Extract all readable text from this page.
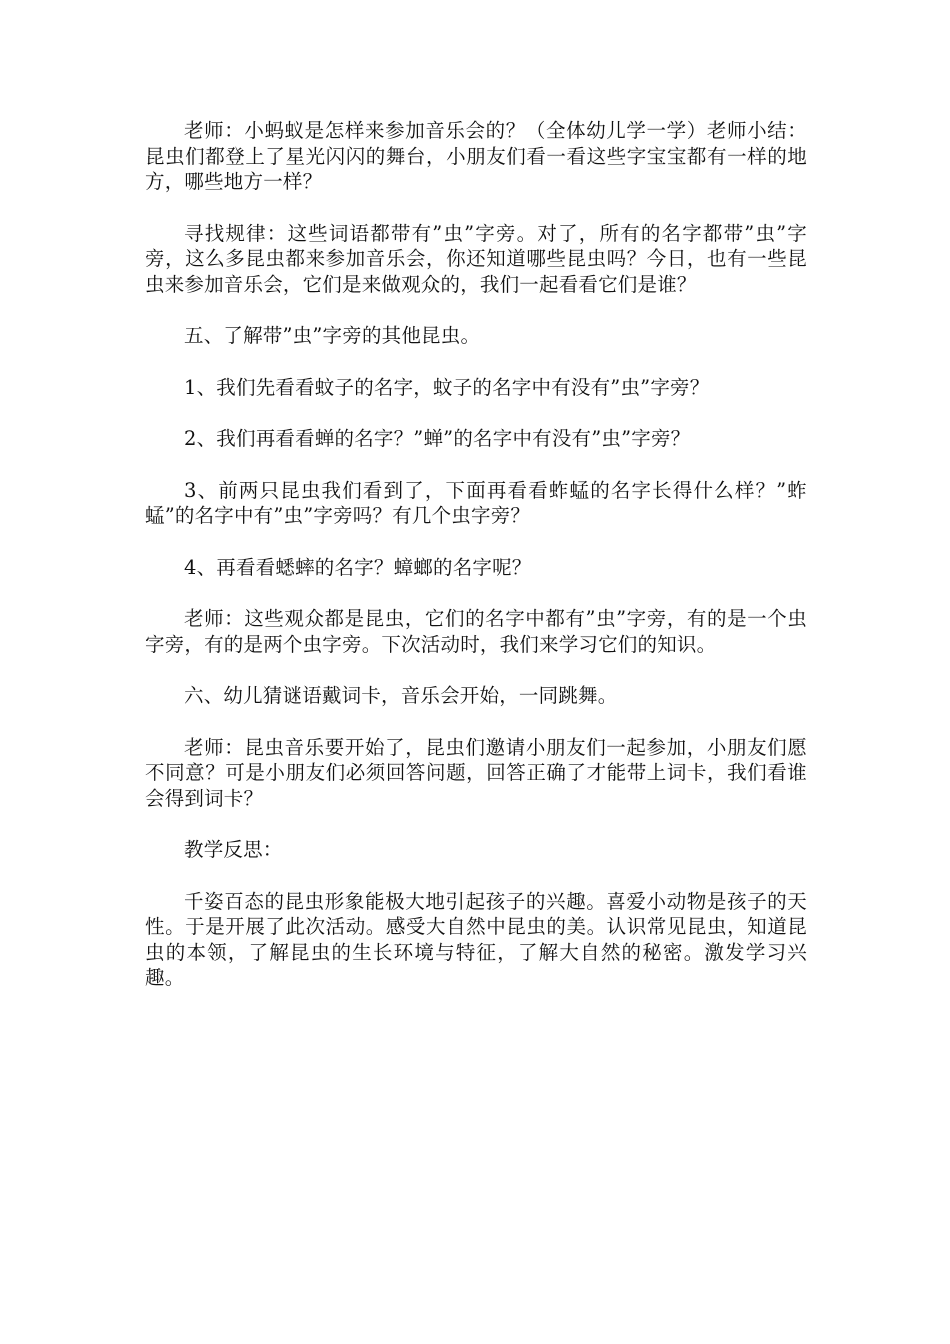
老师：小蚂蚁是怎样来参加音乐会的？（全体幼儿学一学）老师小结：昆虫们都登上了星光闪闪的舞台，小朋友们看一看这些字宝宝都有一样的地方，哪些地方一样？

寻找规律：这些词语都带有”虫”字旁。对了，所有的名字都带”虫”字旁，这么多昆虫都来参加音乐会，你还知道哪些昆虫吗？今日，也有一些昆虫来参加音乐会，它们是来做观众的，我们一起看看它们是谁？

五、了解带”虫”字旁的其他昆虫。

1、我们先看看蚊子的名字，蚊子的名字中有没有”虫”字旁？

2、我们再看看蝉的名字？”蝉”的名字中有没有”虫”字旁？

3、前两只昆虫我们看到了，下面再看看蚱蜢的名字长得什么样？”蚱蜢”的名字中有”虫”字旁吗？有几个虫字旁？

4、再看看蟋蟀的名字？蟑螂的名字呢？

老师：这些观众都是昆虫，它们的名字中都有”虫”字旁，有的是一个虫字旁，有的是两个虫字旁。下次活动时，我们来学习它们的知识。

六、幼儿猜谜语戴词卡，音乐会开始，一同跳舞。

老师：昆虫音乐要开始了，昆虫们邀请小朋友们一起参加，小朋友们愿不同意？可是小朋友们必须回答问题，回答正确了才能带上词卡，我们看谁会得到词卡？

教学反思：

千姿百态的昆虫形象能极大地引起孩子的兴趣。喜爱小动物是孩子的天性。于是开展了此次活动。感受大自然中昆虫的美。认识常见昆虫，知道昆虫的本领，了解昆虫的生长环境与特征，了解大自然的秘密。激发学习兴趣。
